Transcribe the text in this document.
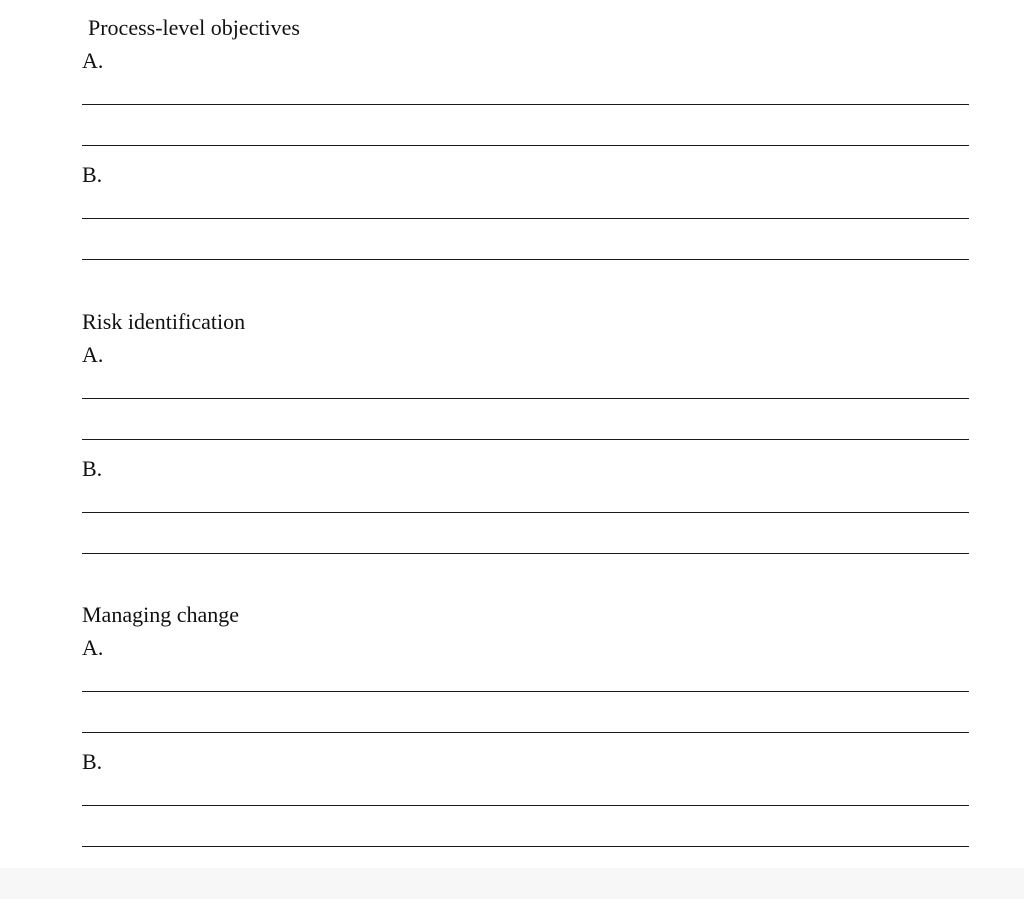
Process-level objectives
A.
B.
Risk identification
A.
B.
Managing change
A.
B.
